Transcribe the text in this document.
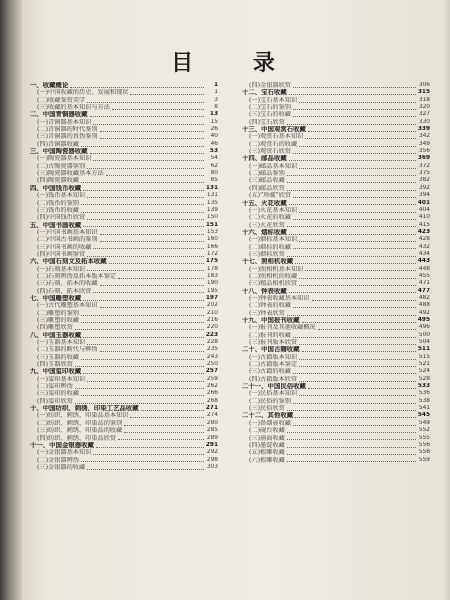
目 录
一、收藏概论	1
(一)中国收藏的历史、发展和现状	1
(二)收藏鉴赏美学	3
(三)收藏的基本知识与方法	8
二、中国青铜器收藏	13
(一)青铜器基本知识	15
(二)青铜器的时代鉴别	26
(三)青铜器的真伪鉴别	40
(四)青铜器收藏	46
三、中国陶瓷器收藏	53
(一)陶瓷器基本知识	54
(二)古陶瓷器鉴别	62
(三)陶瓷器收藏基本方法	80
(四)陶瓷器收藏	85
四、中国钱币收藏	131
(一)钱币基本知识	131
(二)钱币的鉴别	135
(三)钱币的收藏	139
(四)中国钱币欣赏	150
五、中国书画收藏	151
(一)中国书画基本知识	153
(二)中国古书画的鉴别	160
(三)中国书画的收藏	166
(四)中国书画鉴赏	172
六、中国石刻文及拓本收藏	175
(一)石刻基本知识	178
(二)石刻辨伪及拓本版本鉴定	183
(三)石刻、拓本的收藏	190
(四)石刻、拓本欣赏	195
七、中国雕塑收藏	197
(一)古代雕塑基本知识	202
(二)雕塑的鉴别	210
(三)雕塑的收藏	216
(四)雕塑欣赏	220
八、中国玉器收藏	223
(一)玉器基本知识	228
(二)玉器的断代与辨伪	235
(三)玉器的收藏	243
(四)玉器欣赏	250
九、中国玺印收藏	257
(一)玺印基本知识	259
(二)玺印辨伪	262
(三)玺印的收藏	266
(四)玺印欣赏	268
十、中国纺织、刺绣、印染工艺品收藏	271
(一)纺织、刺绣、印染品基本知识	274
(二)纺织、刺绣、印染品的鉴别	280
(三)纺织、刺绣、印染品的收藏	285
(四)纺织、刺绣、印染品欣赏	289
十一、中国金银器收藏	291
(一)金银器基本知识	292
(二)金银器辨伪	298
(三)金银器的收藏	303
(四)金银器欣赏	306
十二、宝石收藏	315
(一)宝石基本知识	318
(二)宝石的鉴别	320
(三)宝石的收藏	327
(四)宝石欣赏	330
十三、中国观赏石收藏	339
(一)观赏石基本知识	342
(二)观赏石的收藏	349
(三)观赏石欣赏	356
十四、邮品收藏	369
(一)邮品基本知识	372
(二)邮品鉴别	375
(三)邮品收藏	382
(四)邮品欣赏	392
(五)“珍邮”欣赏	394
十五、火花收藏	401
(一)火花基本知识	404
(二)火花的收藏	410
(三)火花欣赏	415
十六、烟标收藏	423
(一)烟标基本知识	428
(二)烟标的收藏	432
(三)烟标欣赏	434
十七、照相机收藏	443
(一)照相机基本知识	448
(二)照相机的收藏	455
(三)精品相机欣赏	471
十八、钟表收藏	477
(一)钟表收藏基本知识	482
(二)钟表的收藏	488
(三)钟表欣赏	492
十九、中国报刊收藏	495
(一)报刊及其他收藏概况	496
(二)报刊的收藏	500
(三)报刊版本欣赏	504
二十、中国古籍收藏	511
(一)古籍版本知识	515
(二)古籍版本鉴定	521
(三)古籍的收藏	524
(四)古籍版本欣赏	528
二十一、中国民俗收藏	533
(一)民俗基本知识	536
(二)民俗的鉴别	538
(三)民俗欣赏	541
二十二、其他收藏	545
(一)鼻烟壶收藏	549
(二)砚台收藏	552
(三)扇面收藏	555
(四)墨锭收藏	556
(五)根雕收藏	558
(六)根雕收藏	559
